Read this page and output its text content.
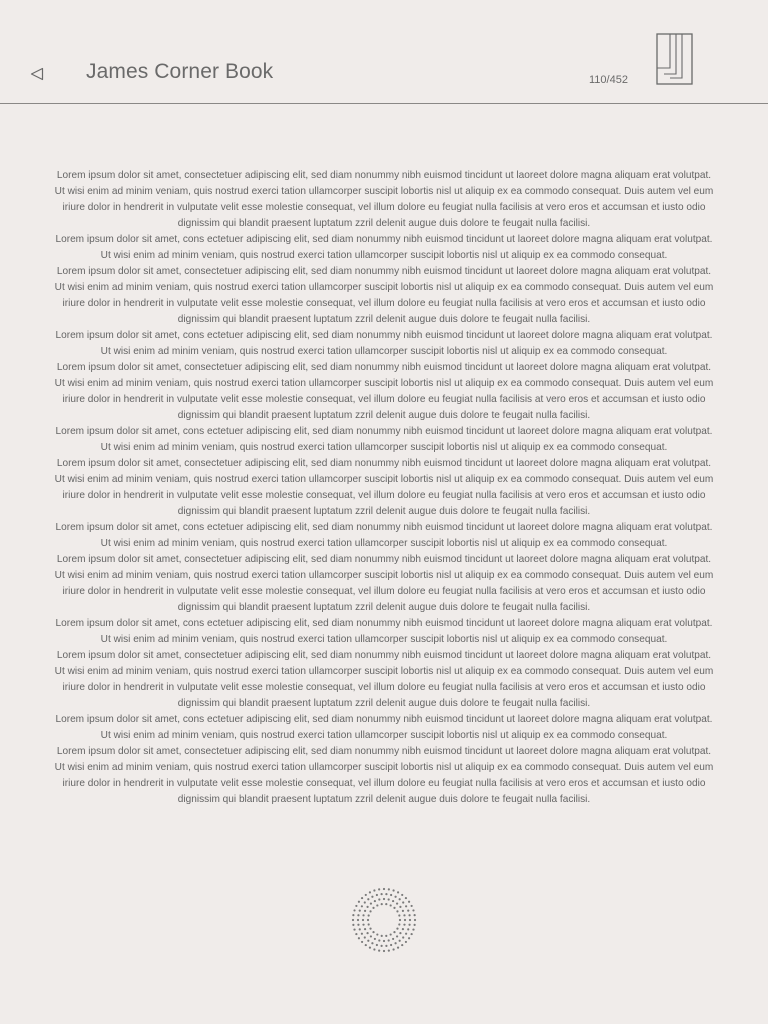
James Corner Book	110/452

Lorem ipsum dolor sit amet, consectetuer adipiscing elit, sed diam nonummy nibh euismod tincidunt ut laoreet dolore magna aliquam erat volutpat. Ut wisi enim ad minim veniam, quis nostrud exerci tation ullamcorper suscipit lobortis nisl ut aliquip ex ea commodo consequat. Duis autem vel eum iriure dolor in hendrerit in vulputate velit esse molestie consequat, vel illum dolore eu feugiat nulla facilisis at vero eros et accumsan et iusto odio dignissim qui blandit praesent luptatum zzril delenit augue duis dolore te feugait nulla facilisi.

Lorem ipsum dolor sit amet, cons ectetuer adipiscing elit, sed diam nonummy nibh euismod tincidunt ut laoreet dolore magna aliquam erat volutpat. Ut wisi enim ad minim veniam, quis nostrud exerci tation ullamcorper suscipit lobortis nisl ut aliquip ex ea commodo consequat.

Lorem ipsum dolor sit amet, consectetuer adipiscing elit, sed diam nonummy nibh euismod tincidunt ut laoreet dolore magna aliquam erat volutpat. Ut wisi enim ad minim veniam, quis nostrud exerci tation ullamcorper suscipit lobortis nisl ut aliquip ex ea commodo consequat. Duis autem vel eum iriure dolor in hendrerit in vulputate velit esse molestie consequat, vel illum dolore eu feugiat nulla facilisis at vero eros et accumsan et iusto odio dignissim qui blandit praesent luptatum zzril delenit augue duis dolore te feugait nulla facilisi.

Lorem ipsum dolor sit amet, cons ectetuer adipiscing elit, sed diam nonummy nibh euismod tincidunt ut laoreet dolore magna aliquam erat volutpat. Ut wisi enim ad minim veniam, quis nostrud exerci tation ullamcorper suscipit lobortis nisl ut aliquip ex ea commodo consequat.

Lorem ipsum dolor sit amet, consectetuer adipiscing elit, sed diam nonummy nibh euismod tincidunt ut laoreet dolore magna aliquam erat volutpat. Ut wisi enim ad minim veniam, quis nostrud exerci tation ullamcorper suscipit lobortis nisl ut aliquip ex ea commodo consequat. Duis autem vel eum iriure dolor in hendrerit in vulputate velit esse molestie consequat, vel illum dolore eu feugiat nulla facilisis at vero eros et accumsan et iusto odio dignissim qui blandit praesent luptatum zzril delenit augue duis dolore te feugait nulla facilisi.

Lorem ipsum dolor sit amet, cons ectetuer adipiscing elit, sed diam nonummy nibh euismod tincidunt ut laoreet dolore magna aliquam erat volutpat. Ut wisi enim ad minim veniam, quis nostrud exerci tation ullamcorper suscipit lobortis nisl ut aliquip ex ea commodo consequat.

Lorem ipsum dolor sit amet, consectetuer adipiscing elit, sed diam nonummy nibh euismod tincidunt ut laoreet dolore magna aliquam erat volutpat. Ut wisi enim ad minim veniam, quis nostrud exerci tation ullamcorper suscipit lobortis nisl ut aliquip ex ea commodo consequat. Duis autem vel eum iriure dolor in hendrerit in vulputate velit esse molestie consequat, vel illum dolore eu feugiat nulla facilisis at vero eros et accumsan et iusto odio dignissim qui blandit praesent luptatum zzril delenit augue duis dolore te feugait nulla facilisi.

Lorem ipsum dolor sit amet, cons ectetuer adipiscing elit, sed diam nonummy nibh euismod tincidunt ut laoreet dolore magna aliquam erat volutpat. Ut wisi enim ad minim veniam, quis nostrud exerci tation ullamcorper suscipit lobortis nisl ut aliquip ex ea commodo consequat.

Lorem ipsum dolor sit amet, consectetuer adipiscing elit, sed diam nonummy nibh euismod tincidunt ut laoreet dolore magna aliquam erat volutpat. Ut wisi enim ad minim veniam, quis nostrud exerci tation ullamcorper suscipit lobortis nisl ut aliquip ex ea commodo consequat. Duis autem vel eum iriure dolor in hendrerit in vulputate velit esse molestie consequat, vel illum dolore eu feugiat nulla facilisis at vero eros et accumsan et iusto odio dignissim qui blandit praesent luptatum zzril delenit augue duis dolore te feugait nulla facilisi.

Lorem ipsum dolor sit amet, cons ectetuer adipiscing elit, sed diam nonummy nibh euismod tincidunt ut laoreet dolore magna aliquam erat volutpat. Ut wisi enim ad minim veniam, quis nostrud exerci tation ullamcorper suscipit lobortis nisl ut aliquip ex ea commodo consequat.

Lorem ipsum dolor sit amet, consectetuer adipiscing elit, sed diam nonummy nibh euismod tincidunt ut laoreet dolore magna aliquam erat volutpat. Ut wisi enim ad minim veniam, quis nostrud exerci tation ullamcorper suscipit lobortis nisl ut aliquip ex ea commodo consequat. Duis autem vel eum iriure dolor in hendrerit in vulputate velit esse molestie consequat, vel illum dolore eu feugiat nulla facilisis at vero eros et accumsan et iusto odio dignissim qui blandit praesent luptatum zzril delenit augue duis dolore te feugait nulla facilisi.

Lorem ipsum dolor sit amet, cons ectetuer adipiscing elit, sed diam nonummy nibh euismod tincidunt ut laoreet dolore magna aliquam erat volutpat. Ut wisi enim ad minim veniam, quis nostrud exerci tation ullamcorper suscipit lobortis nisl ut aliquip ex ea commodo consequat.

Lorem ipsum dolor sit amet, consectetuer adipiscing elit, sed diam nonummy nibh euismod tincidunt ut laoreet dolore magna aliquam erat volutpat. Ut wisi enim ad minim veniam, quis nostrud exerci tation ullamcorper suscipit lobortis nisl ut aliquip ex ea commodo consequat. Duis autem vel eum iriure dolor in hendrerit in vulputate velit esse molestie consequat, vel illum dolore eu feugiat nulla facilisis at vero eros et accumsan et iusto odio dignissim qui blandit praesent luptatum zzril delenit augue duis dolore te feugait nulla facilisi.
